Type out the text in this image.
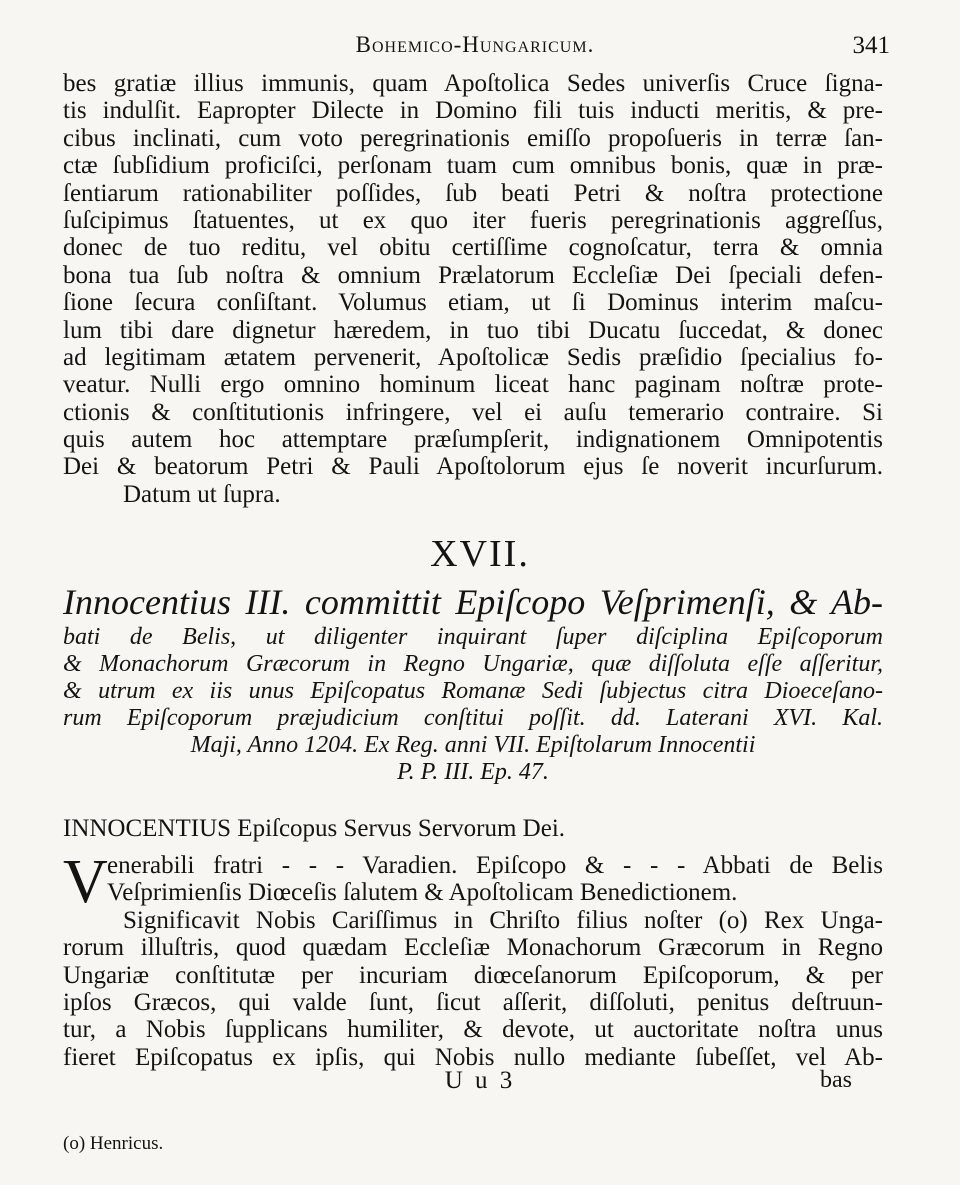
Bohemico-Hungaricum.	341
bes gratiæ illius immunis, quam Apoſtolica Sedes univerſis Cruce ſigna-
tis indulſit. Eapropter Dilecte in Domino fili tuis inducti meritis, & pre-
cibus inclinati, cum voto peregrinationis emiſſo propoſueris in terræ ſan-
ctæ ſubſidium proficiſci, perſonam tuam cum omnibus bonis, quæ in præ-
ſentiarum rationabiliter poſſides, ſub beati Petri & noſtra protectione
ſuſcipimus ſtatuentes, ut ex quo iter fueris peregrinationis aggreſſus,
donec de tuo reditu, vel obitu certiſſime cognoſcatur, terra & omnia
bona tua ſub noſtra & omnium Prælatorum Eccleſiæ Dei ſpeciali defen-
ſione ſecura conſiſtant. Volumus etiam, ut ſi Dominus interim maſcu-
lum tibi dare dignetur hæredem, in tuo tibi Ducatu ſuccedat, & donec
ad legitimam ætatem pervenerit, Apoſtolicæ Sedis præſidio ſpecialius fo-
veatur. Nulli ergo omnino hominum liceat hanc paginam noſtræ prote-
ctionis & conſtitutionis infringere, vel ei auſu temerario contraire. Si
quis autem hoc attemptare præſumpſerit, indignationem Omnipotentis
Dei & beatorum Petri & Pauli Apoſtolorum ejus ſe noverit incurſurum.
Datum ut ſupra.
XVII.
Innocentius III. committit Epiſcopo Veſprimenſi, & Ab-
bati de Belis, ut diligenter inquirant ſuper diſciplina Epiſcoporum
& Monachorum Græcorum in Regno Ungariæ, quæ diſſoluta eſſe aſſeritur,
& utrum ex iis unus Epiſcopatus Romanæ Sedi ſubjectus citra Dioeceſano-
rum Epiſcoporum præjudicium conſtitui poſſit. dd. Laterani XVI. Kal.
Maji, Anno 1204. Ex Reg. anni VII. Epiſtolarum Innocentii
P. P. III. Ep. 47.
INNOCENTIUS Epiſcopus Servus Servorum Dei.
V enerabili fratri - - - Varadien. Epiſcopo & - - - Abbati de Belis
Veſprimienſis Diœceſis ſalutem & Apoſtolicam Benedictionem.
Significavit Nobis Cariſſimus in Chriſto filius noſter (o) Rex Unga-
rorum illuſtris, quod quædam Eccleſiæ Monachorum Græcorum in Regno
Ungariæ conſtitutæ per incuriam diœceſanorum Epiſcoporum, & per
ipſos Græcos, qui valde ſunt, ſicut aſſerit, diſſoluti, penitus deſtruun-
tur, a Nobis ſupplicans humiliter, & devote, ut auctoritate noſtra unus
fieret Epiſcopatus ex ipſis, qui Nobis nullo mediante ſubeſſet, vel Ab-
U u 3	bas
(o) Henricus.
